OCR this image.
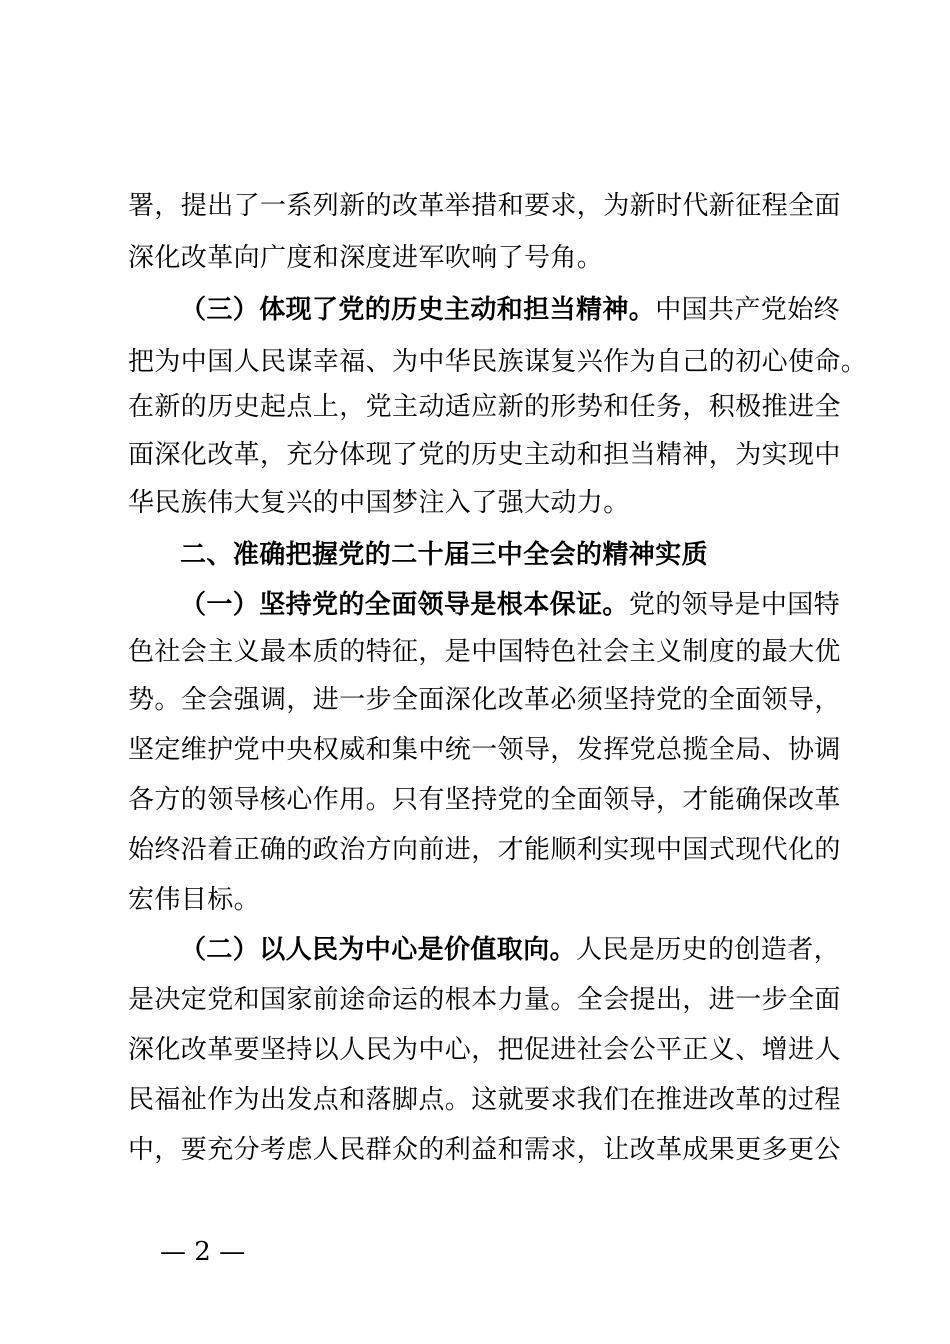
署，提出了一系列新的改革举措和要求，为新时代新征程全面
深化改革向广度和深度进军吹响了号角。
（三）体现了党的历史主动和担当精神。中国共产党始终
把为中国人民谋幸福、为中华民族谋复兴作为自己的初心使命。
在新的历史起点上，党主动适应新的形势和任务，积极推进全
面深化改革，充分体现了党的历史主动和担当精神，为实现中
华民族伟大复兴的中国梦注入了强大动力。
二、准确把握党的二十届三中全会的精神实质
（一）坚持党的全面领导是根本保证。党的领导是中国特
色社会主义最本质的特征，是中国特色社会主义制度的最大优
势。全会强调，进一步全面深化改革必须坚持党的全面领导，
坚定维护党中央权威和集中统一领导，发挥党总揽全局、协调
各方的领导核心作用。只有坚持党的全面领导，才能确保改革
始终沿着正确的政治方向前进，才能顺利实现中国式现代化的
宏伟目标。
（二）以人民为中心是价值取向。人民是历史的创造者，
是决定党和国家前途命运的根本力量。全会提出，进一步全面
深化改革要坚持以人民为中心，把促进社会公平正义、增进人
民福祉作为出发点和落脚点。这就要求我们在推进改革的过程
中，要充分考虑人民群众的利益和需求，让改革成果更多更公
— 2 —
